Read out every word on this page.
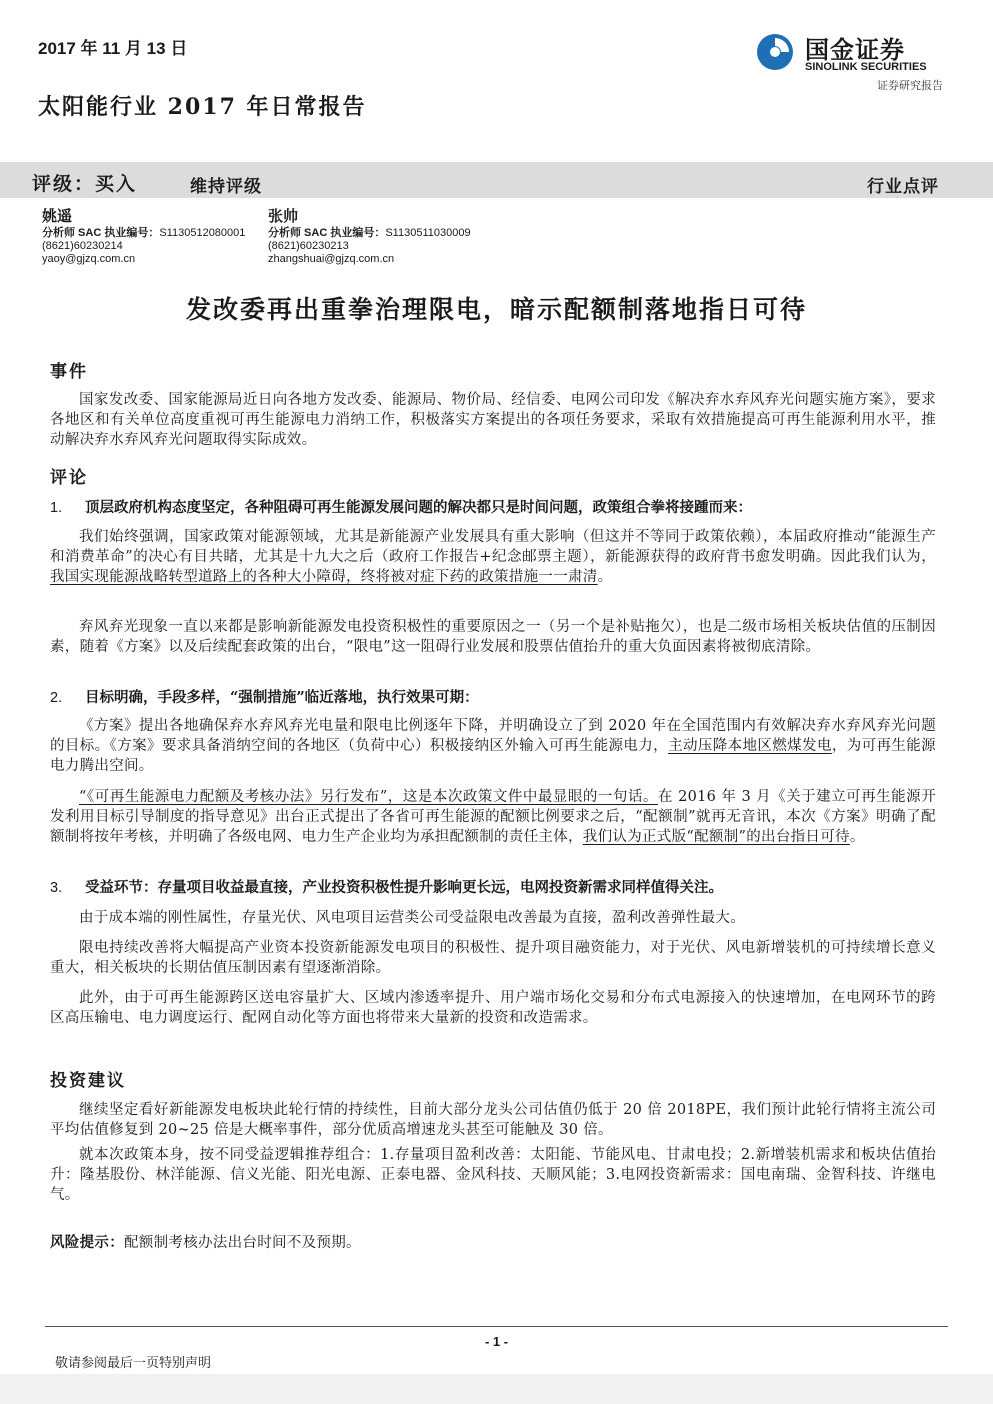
2017 年 11 月 13 日
太阳能行业 2017 年日常报告
国金证券
SINOLINK SECURITIES
证券研究报告
评级：买入	维持评级	行业点评
姚遥
分析师 SAC 执业编号：S1130512080001
(8621)60230214
yaoy@gjzq.com.cn
张帅
分析师 SAC 执业编号：S1130511030009
(8621)60230213
zhangshuai@gjzq.com.cn
发改委再出重拳治理限电，暗示配额制落地指日可待
事件
国家发改委、国家能源局近日向各地方发改委、能源局、物价局、经信委、电网公司印发《解决弃水弃风弃光问题实施方案》，要求各地区和有关单位高度重视可再生能源电力消纳工作，积极落实方案提出的各项任务要求，采取有效措施提高可再生能源利用水平，推动解决弃水弃风弃光问题取得实际成效。
评论
1. 顶层政府机构态度坚定，各种阻碍可再生能源发展问题的解决都只是时间问题，政策组合拳将接踵而来：
我们始终强调，国家政策对能源领域，尤其是新能源产业发展具有重大影响（但这并不等同于政策依赖），本届政府推动“能源生产和消费革命”的决心有目共睹，尤其是十九大之后（政府工作报告+纪念邮票主题），新能源获得的政府背书愈发明确。因此我们认为，我国实现能源战略转型道路上的各种大小障碍，终将被对症下药的政策措施一一肃清。
弃风弃光现象一直以来都是影响新能源发电投资积极性的重要原因之一（另一个是补贴拖欠），也是二级市场相关板块估值的压制因素，随着《方案》以及后续配套政策的出台，“限电”这一阻碍行业发展和股票估值抬升的重大负面因素将被彻底清除。
2. 目标明确，手段多样，“强制措施”临近落地，执行效果可期：
《方案》提出各地确保弃水弃风弃光电量和限电比例逐年下降，并明确设立了到 2020 年在全国范围内有效解决弃水弃风弃光问题的目标。《方案》要求具备消纳空间的各地区（负荷中心）积极接纳区外输入可再生能源电力，主动压降本地区燃煤发电，为可再生能源电力腾出空间。
“《可再生能源电力配额及考核办法》另行发布”，这是本次政策文件中最显眼的一句话。在 2016 年 3 月《关于建立可再生能源开发利用目标引导制度的指导意见》出台正式提出了各省可再生能源的配额比例要求之后，“配额制”就再无音讯，本次《方案》明确了配额制将按年考核，并明确了各级电网、电力生产企业均为承担配额制的责任主体，我们认为正式版“配额制”的出台指日可待。
3. 受益环节：存量项目收益最直接，产业投资积极性提升影响更长远，电网投资新需求同样值得关注。
由于成本端的刚性属性，存量光伏、风电项目运营类公司受益限电改善最为直接，盈利改善弹性最大。
限电持续改善将大幅提高产业资本投资新能源发电项目的积极性、提升项目融资能力，对于光伏、风电新增装机的可持续增长意义重大，相关板块的长期估值压制因素有望逐渐消除。
此外，由于可再生能源跨区送电容量扩大、区域内渗透率提升、用户端市场化交易和分布式电源接入的快速增加，在电网环节的跨区高压输电、电力调度运行、配网自动化等方面也将带来大量新的投资和改造需求。
投资建议
继续坚定看好新能源发电板块此轮行情的持续性，目前大部分龙头公司估值仍低于 20 倍 2018PE，我们预计此轮行情将主流公司平均估值修复到 20~25 倍是大概率事件，部分优质高增速龙头甚至可能触及 30 倍。
就本次政策本身，按不同受益逻辑推荐组合：1.存量项目盈利改善：太阳能、节能风电、甘肃电投；2.新增装机需求和板块估值抬升：隆基股份、林洋能源、信义光能、阳光电源、正泰电器、金风科技、天顺风能；3.电网投资新需求：国电南瑞、金智科技、许继电气。
风险提示：配额制考核办法出台时间不及预期。
- 1 -
敬请参阅最后一页特别声明
